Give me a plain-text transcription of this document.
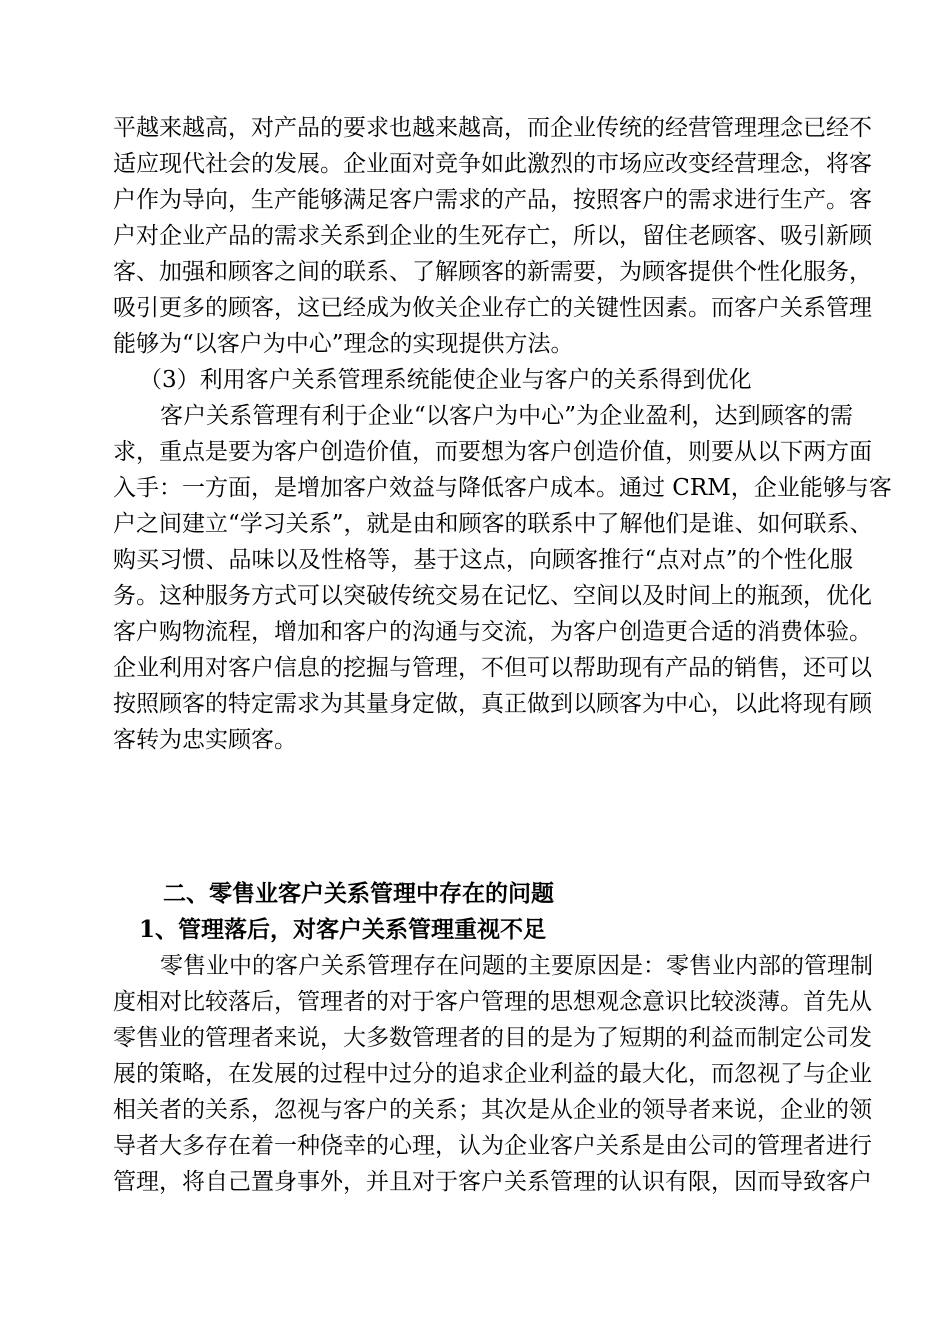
平越来越高，对产品的要求也越来越高，而企业传统的经营管理理念已经不
适应现代社会的发展。企业面对竞争如此激烈的市场应改变经营理念，将客
户作为导向，生产能够满足客户需求的产品，按照客户的需求进行生产。客
户对企业产品的需求关系到企业的生死存亡，所以，留住老顾客、吸引新顾
客、加强和顾客之间的联系、了解顾客的新需要，为顾客提供个性化服务，
吸引更多的顾客，这已经成为攸关企业存亡的关键性因素。而客户关系管理
能够为“以客户为中心”理念的实现提供方法。
（3）利用客户关系管理系统能使企业与客户的关系得到优化
客户关系管理有利于企业“以客户为中心”为企业盈利，达到顾客的需
求，重点是要为客户创造价值，而要想为客户创造价值，则要从以下两方面
入手：一方面，是增加客户效益与降低客户成本。通过 CRM，企业能够与客
户之间建立“学习关系”，就是由和顾客的联系中了解他们是谁、如何联系、
购买习惯、品味以及性格等，基于这点，向顾客推行“点对点”的个性化服
务。这种服务方式可以突破传统交易在记忆、空间以及时间上的瓶颈，优化
客户购物流程，增加和客户的沟通与交流，为客户创造更合适的消费体验。
企业利用对客户信息的挖掘与管理，不但可以帮助现有产品的销售，还可以
按照顾客的特定需求为其量身定做，真正做到以顾客为中心，以此将现有顾
客转为忠实顾客。
二、零售业客户关系管理中存在的问题
1、管理落后，对客户关系管理重视不足
零售业中的客户关系管理存在问题的主要原因是：零售业内部的管理制
度相对比较落后，管理者的对于客户管理的思想观念意识比较淡薄。首先从
零售业的管理者来说，大多数管理者的目的是为了短期的利益而制定公司发
展的策略，在发展的过程中过分的追求企业利益的最大化，而忽视了与企业
相关者的关系，忽视与客户的关系；其次是从企业的领导者来说，企业的领
导者大多存在着一种侥幸的心理，认为企业客户关系是由公司的管理者进行
管理，将自己置身事外，并且对于客户关系管理的认识有限，因而导致客户
